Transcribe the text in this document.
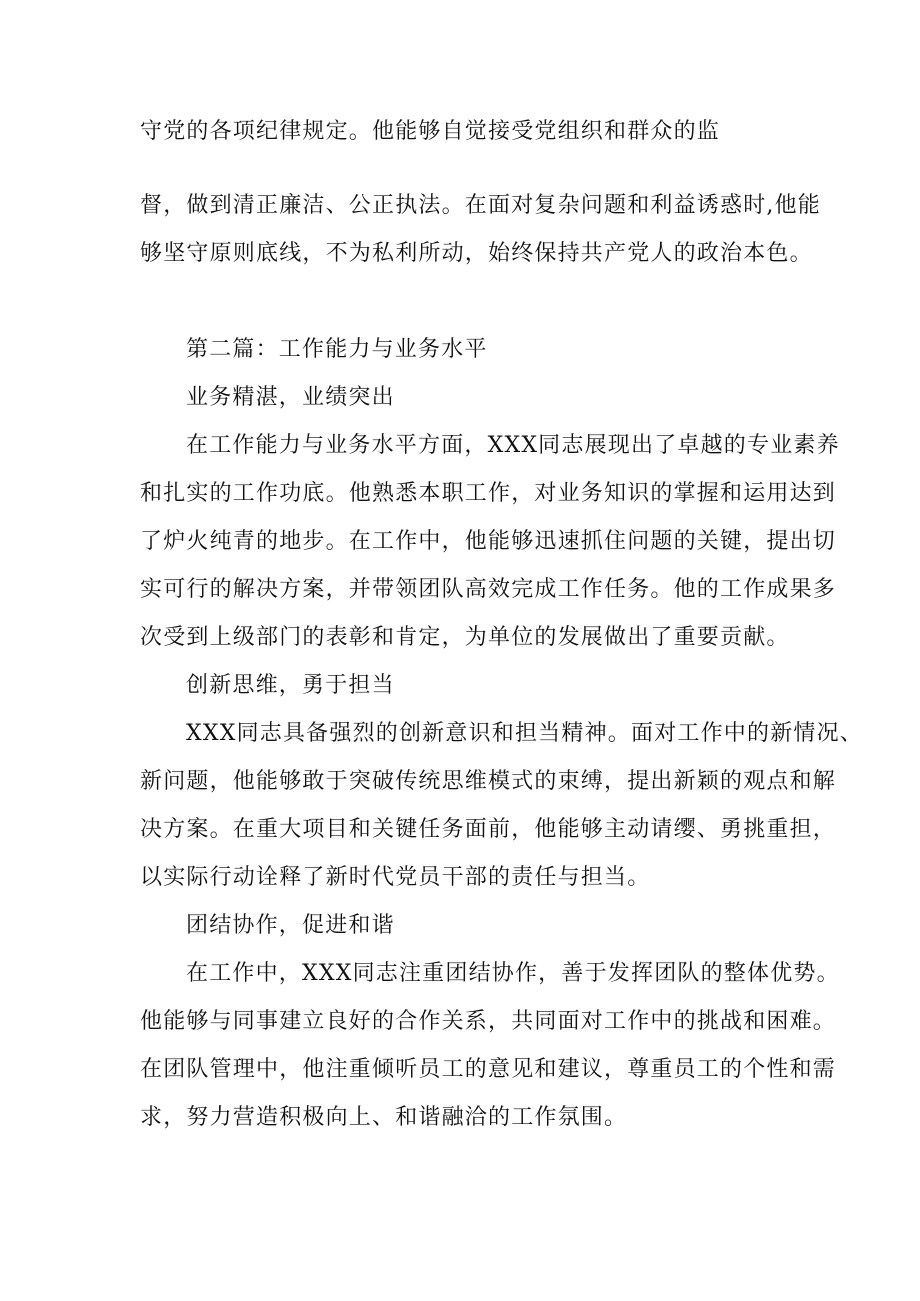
守党的各项纪律规定。他能够自觉接受党组织和群众的监

督，做到清正廉洁、公正执法。在面对复杂问题和利益诱惑时,他能

够坚守原则底线，不为私利所动，始终保持共产党人的政治本色。

第二篇：工作能力与业务水平

业务精湛，业绩突出

在工作能力与业务水平方面，XXX同志展现出了卓越的专业素养

和扎实的工作功底。他熟悉本职工作，对业务知识的掌握和运用达到

了炉火纯青的地步。在工作中，他能够迅速抓住问题的关键，提出切

实可行的解决方案，并带领团队高效完成工作任务。他的工作成果多

次受到上级部门的表彰和肯定，为单位的发展做出了重要贡献。

创新思维，勇于担当

XXX同志具备强烈的创新意识和担当精神。面对工作中的新情况、

新问题，他能够敢于突破传统思维模式的束缚，提出新颖的观点和解

决方案。在重大项目和关键任务面前，他能够主动请缨、勇挑重担，

以实际行动诠释了新时代党员干部的责任与担当。

团结协作，促进和谐

在工作中，XXX同志注重团结协作，善于发挥团队的整体优势。

他能够与同事建立良好的合作关系，共同面对工作中的挑战和困难。

在团队管理中，他注重倾听员工的意见和建议，尊重员工的个性和需

求，努力营造积极向上、和谐融洽的工作氛围。
